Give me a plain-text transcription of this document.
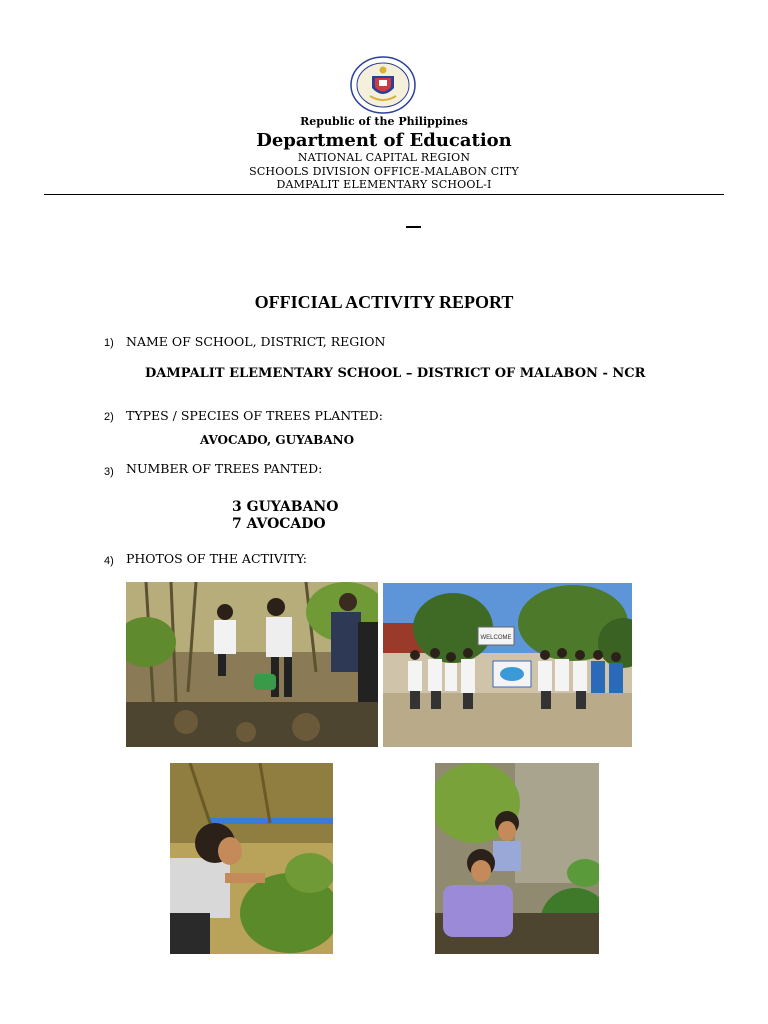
Republic of the Philippines
Department of Education
NATIONAL CAPITAL REGION
SCHOOLS DIVISION OFFICE-MALABON CITY
DAMPALIT ELEMENTARY SCHOOL-I
OFFICIAL ACTIVITY REPORT
1) NAME OF SCHOOL, DISTRICT, REGION
DAMPALIT ELEMENTARY SCHOOL – DISTRICT OF MALABON - NCR
2) TYPES / SPECIES OF TREES PLANTED:
AVOCADO, GUYABANO
3) NUMBER OF TREES PANTED:
3 GUYABANO
7 AVOCADO
4) PHOTOS OF THE ACTIVITY:
WELCOME
